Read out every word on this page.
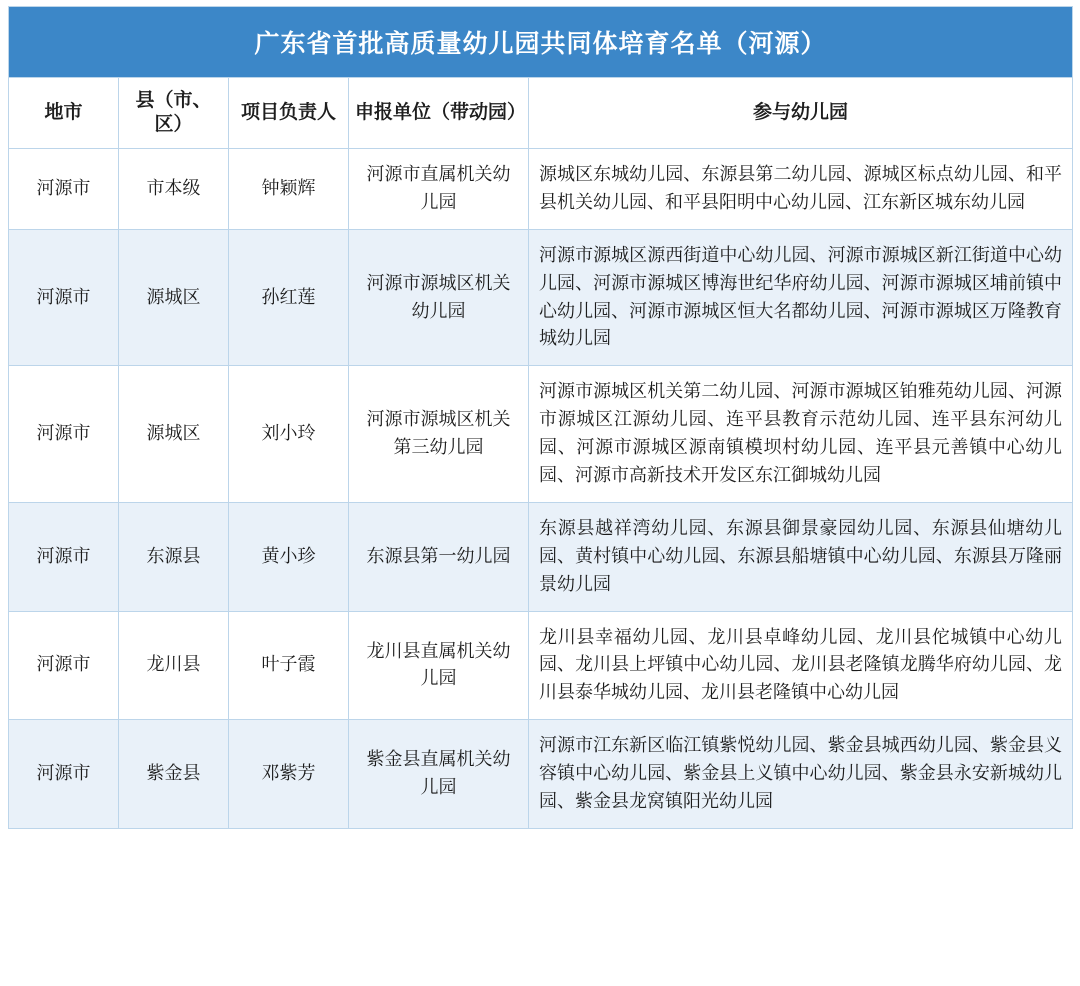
广东省首批高质量幼儿园共同体培育名单（河源）				
地市	县（市、区）	项目负责人	申报单位（带动园）	参与幼儿园
河源市	市本级	钟颖辉	河源市直属机关幼儿园	源城区东城幼儿园、东源县第二幼儿园、源城区标点幼儿园、和平县机关幼儿园、和平县阳明中心幼儿园、江东新区城东幼儿园
河源市	源城区	孙红莲	河源市源城区机关幼儿园	河源市源城区源西街道中心幼儿园、河源市源城区新江街道中心幼儿园、河源市源城区博海世纪华府幼儿园、河源市源城区埔前镇中心幼儿园、河源市源城区恒大名都幼儿园、河源市源城区万隆教育城幼儿园
河源市	源城区	刘小玲	河源市源城区机关第三幼儿园	河源市源城区机关第二幼儿园、河源市源城区铂雅苑幼儿园、河源市源城区江源幼儿园、连平县教育示范幼儿园、连平县东河幼儿园、河源市源城区源南镇模坝村幼儿园、连平县元善镇中心幼儿园、河源市高新技术开发区东江御城幼儿园
河源市	东源县	黄小珍	东源县第一幼儿园	东源县越祥湾幼儿园、东源县御景豪园幼儿园、东源县仙塘幼儿园、黄村镇中心幼儿园、东源县船塘镇中心幼儿园、东源县万隆丽景幼儿园
河源市	龙川县	叶子霞	龙川县直属机关幼儿园	龙川县幸福幼儿园、龙川县卓峰幼儿园、龙川县佗城镇中心幼儿园、龙川县上坪镇中心幼儿园、龙川县老隆镇龙腾华府幼儿园、龙川县泰华城幼儿园、龙川县老隆镇中心幼儿园
河源市	紫金县	邓紫芳	紫金县直属机关幼儿园	河源市江东新区临江镇紫悦幼儿园、紫金县城西幼儿园、紫金县义容镇中心幼儿园、紫金县上义镇中心幼儿园、紫金县永安新城幼儿园、紫金县龙窝镇阳光幼儿园
